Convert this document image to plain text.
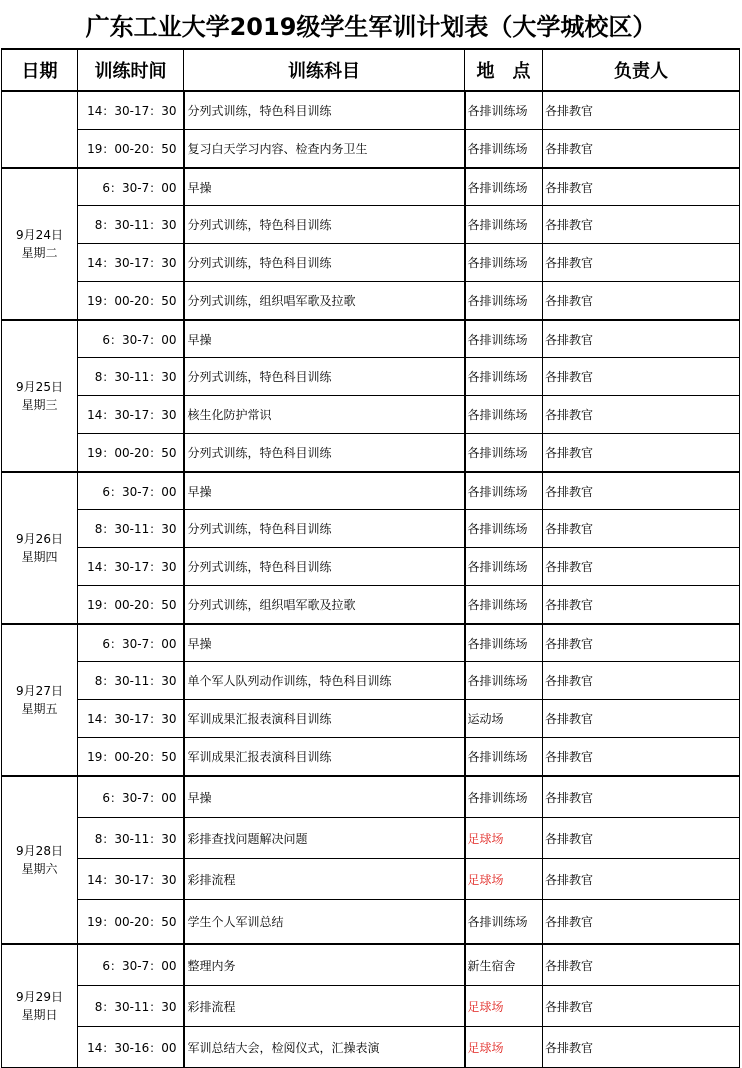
广东工业大学2019级学生军训计划表（大学城校区）
日期	训练时间	训练科目	地　点	负责人

	14：30-17：30	分列式训练，特色科目训练	各排训练场	各排教官
	19：00-20：50	复习白天学习内容、检查内务卫生	各排训练场	各排教官

9月24日
星期二	6：30-7：00	早操	各排训练场	各排教官
	8：30-11：30	分列式训练，特色科目训练	各排训练场	各排教官
	14：30-17：30	分列式训练，特色科目训练	各排训练场	各排教官
	19：00-20：50	分列式训练，组织唱军歌及拉歌	各排训练场	各排教官

9月25日
星期三	6：30-7：00	早操	各排训练场	各排教官
	8：30-11：30	分列式训练，特色科目训练	各排训练场	各排教官
	14：30-17：30	核生化防护常识	各排训练场	各排教官
	19：00-20：50	分列式训练，特色科目训练	各排训练场	各排教官

9月26日
星期四	6：30-7：00	早操	各排训练场	各排教官
	8：30-11：30	分列式训练，特色科目训练	各排训练场	各排教官
	14：30-17：30	分列式训练，特色科目训练	各排训练场	各排教官
	19：00-20：50	分列式训练，组织唱军歌及拉歌	各排训练场	各排教官

9月27日
星期五	6：30-7：00	早操	各排训练场	各排教官
	8：30-11：30	单个军人队列动作训练，特色科目训练	各排训练场	各排教官
	14：30-17：30	军训成果汇报表演科目训练	运动场	各排教官
	19：00-20：50	军训成果汇报表演科目训练	各排训练场	各排教官

9月28日
星期六	6：30-7：00	早操	各排训练场	各排教官
	8：30-11：30	彩排查找问题解决问题	足球场	各排教官
	14：30-17：30	彩排流程	足球场	各排教官
	19：00-20：50	学生个人军训总结	各排训练场	各排教官

9月29日
星期日	6：30-7：00	整理内务	新生宿舍	各排教官
	8：30-11：30	彩排流程	足球场	各排教官
	14：30-16：00	军训总结大会，检阅仪式，汇操表演	足球场	各排教官
